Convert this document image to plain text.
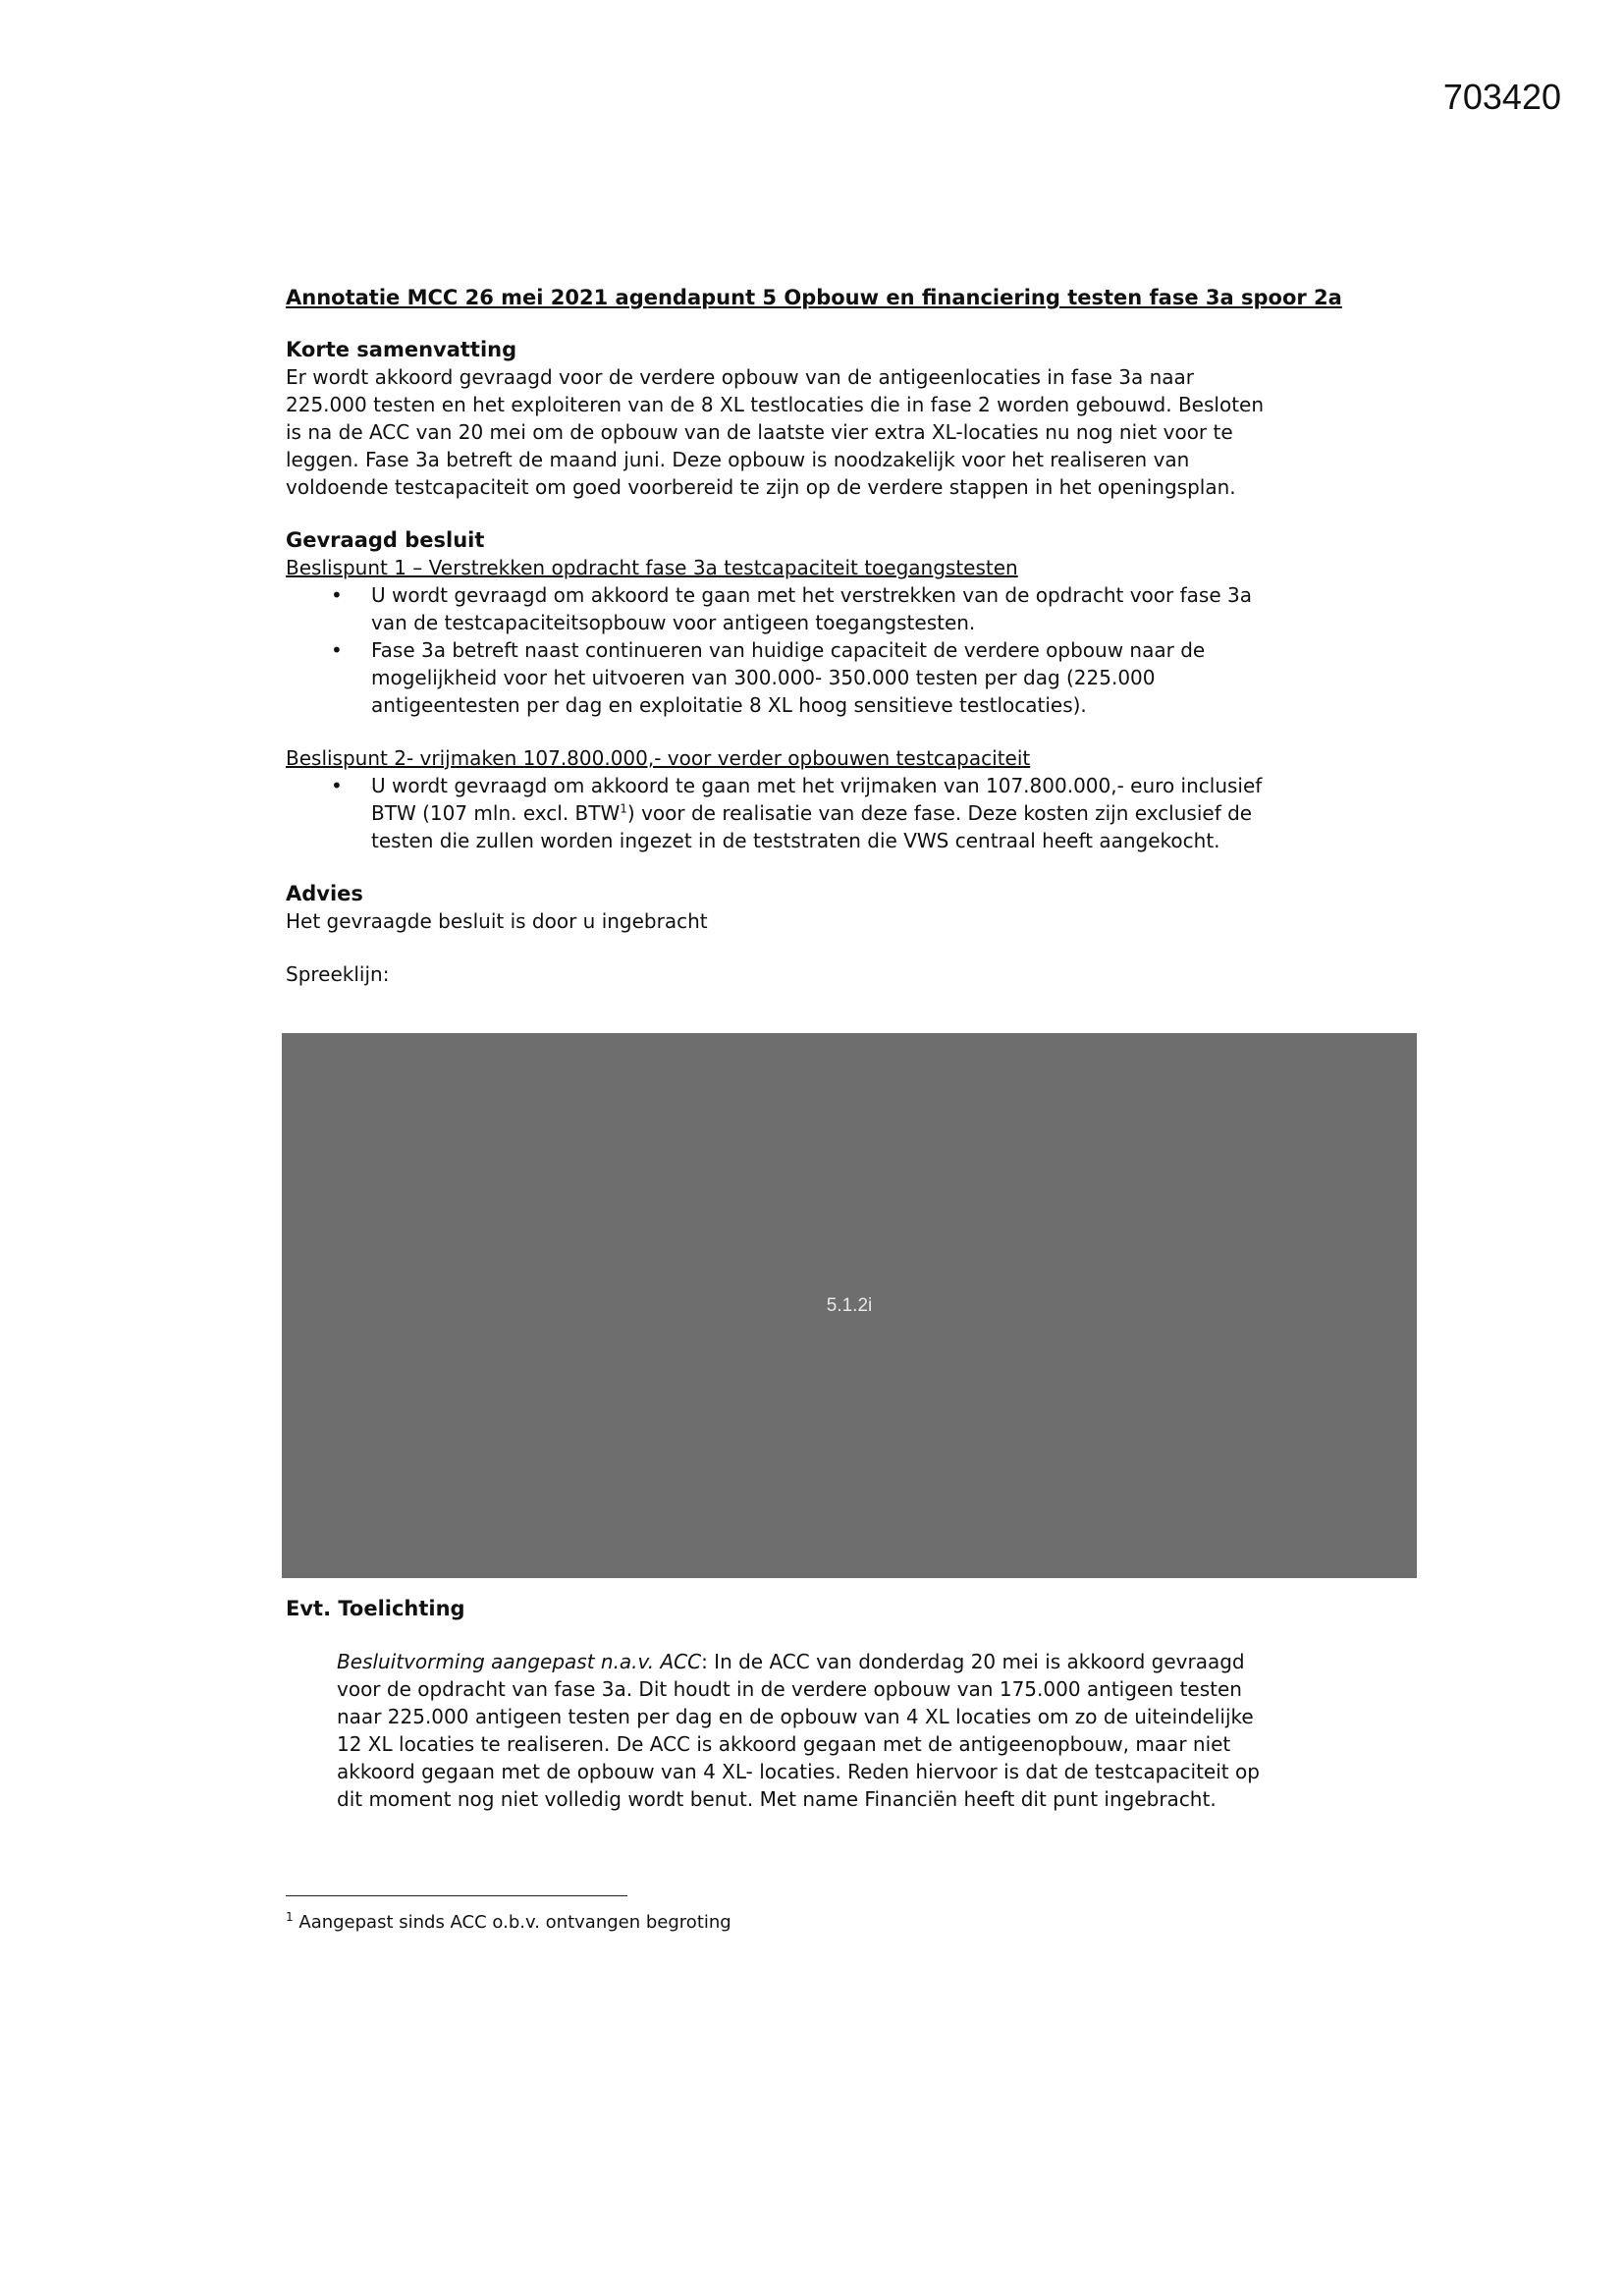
703420

Annotatie MCC 26 mei 2021 agendapunt 5 Opbouw en financiering testen fase 3a spoor 2a

Korte samenvatting

Er wordt akkoord gevraagd voor de verdere opbouw van de antigeenlocaties in fase 3a naar

225.000 testen en het exploiteren van de 8 XL testlocaties die in fase 2 worden gebouwd. Besloten

is na de ACC van 20 mei om de opbouw van de laatste vier extra XL-locaties nu nog niet voor te

leggen. Fase 3a betreft de maand juni. Deze opbouw is noodzakelijk voor het realiseren van

voldoende testcapaciteit om goed voorbereid te zijn op de verdere stappen in het openingsplan.

Gevraagd besluit

Beslispunt 1 – Verstrekken opdracht fase 3a testcapaciteit toegangstesten

• U wordt gevraagd om akkoord te gaan met het verstrekken van de opdracht voor fase 3a
van de testcapaciteitsopbouw voor antigeen toegangstesten.
• Fase 3a betreft naast continueren van huidige capaciteit de verdere opbouw naar de
mogelijkheid voor het uitvoeren van 300.000- 350.000 testen per dag (225.000
antigeentesten per dag en exploitatie 8 XL hoog sensitieve testlocaties).

Beslispunt 2- vrijmaken 107.800.000,- voor verder opbouwen testcapaciteit

• U wordt gevraagd om akkoord te gaan met het vrijmaken van 107.800.000,- euro inclusief
BTW (107 mln. excl. BTW$^1$) voor de realisatie van deze fase. Deze kosten zijn exclusief de
testen die zullen worden ingezet in de teststraten die VWS centraal heeft aangekocht.

Advies

Het gevraagde besluit is door u ingebracht

Spreeklijn:

5.1.2i

Evt. Toelichting

Besluitvorming aangepast n.a.v. ACC: In de ACC van donderdag 20 mei is akkoord gevraagd
voor de opdracht van fase 3a. Dit houdt in de verdere opbouw van 175.000 antigeen testen
naar 225.000 antigeen testen per dag en de opbouw van 4 XL locaties om zo de uiteindelijke
12 XL locaties te realiseren. De ACC is akkoord gegaan met de antigeenopbouw, maar niet
akkoord gegaan met de opbouw van 4 XL- locaties. Reden hiervoor is dat de testcapaciteit op
dit moment nog niet volledig wordt benut. Met name Financiën heeft dit punt ingebracht.
$^1$ Aangepast sinds ACC o.b.v. ontvangen begroting
